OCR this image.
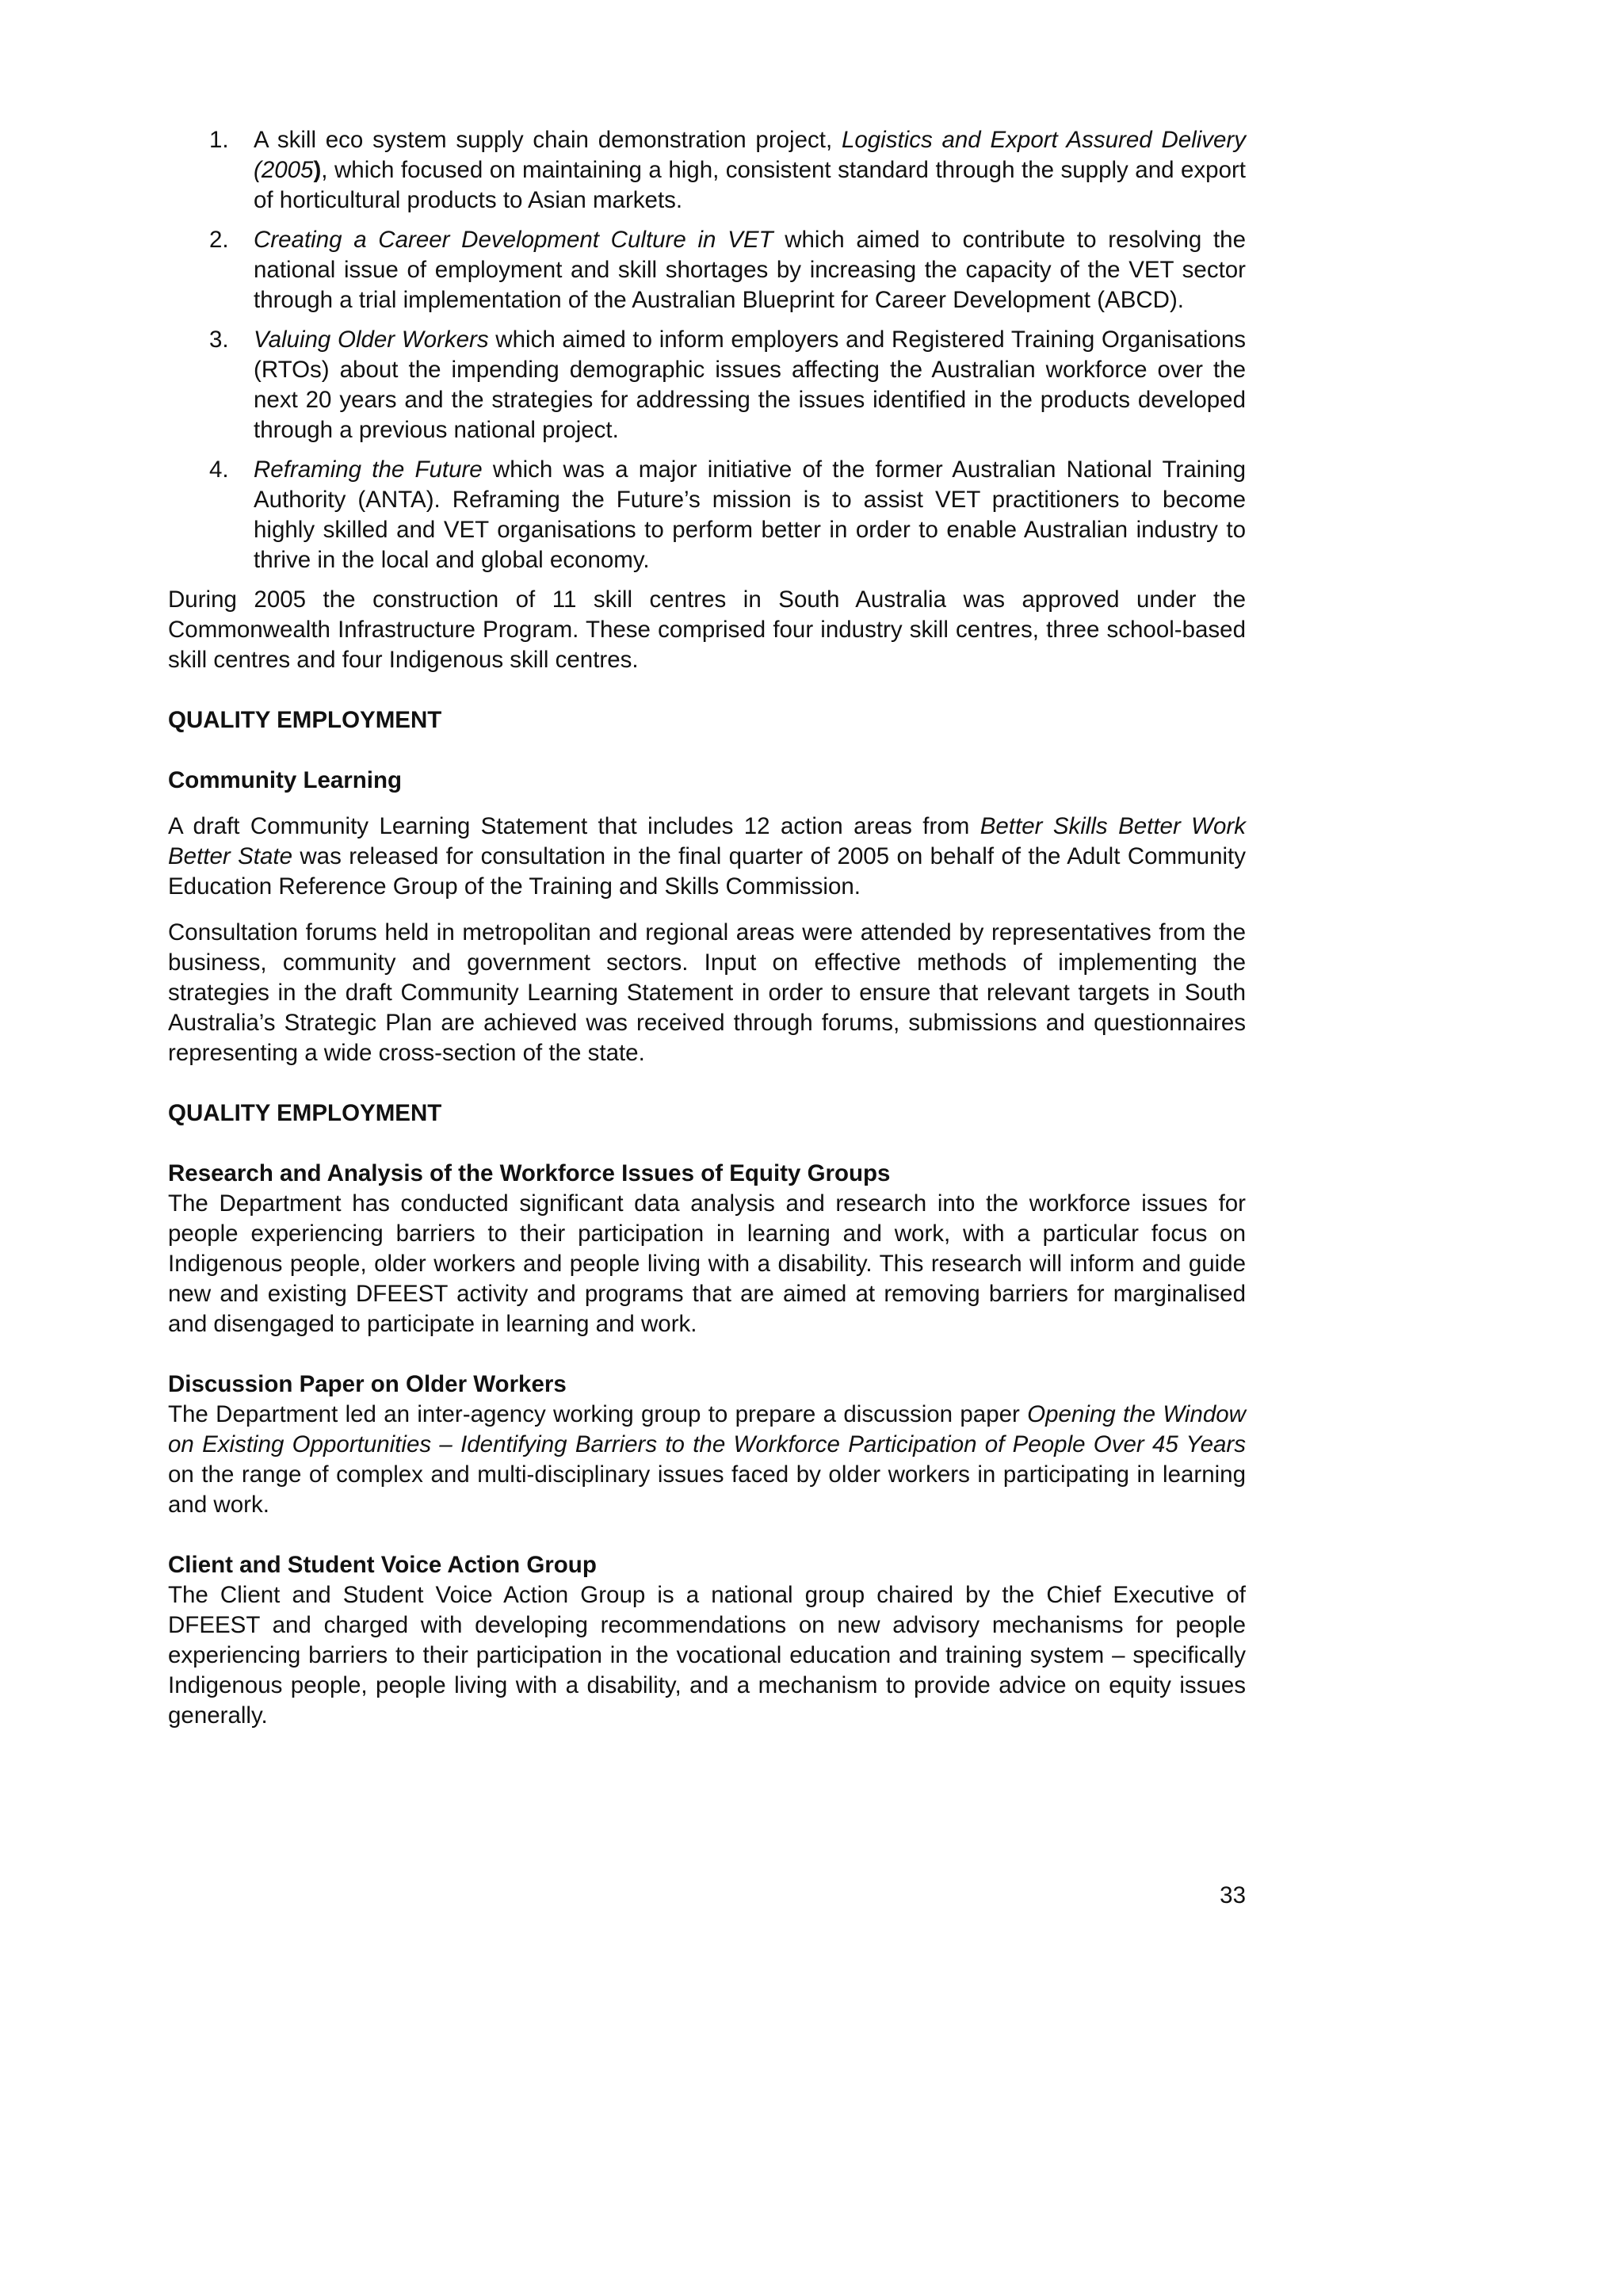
1. A skill eco system supply chain demonstration project, Logistics and Export Assured Delivery (2005), which focused on maintaining a high, consistent standard through the supply and export of horticultural products to Asian markets.
2. Creating a Career Development Culture in VET which aimed to contribute to resolving the national issue of employment and skill shortages by increasing the capacity of the VET sector through a trial implementation of the Australian Blueprint for Career Development (ABCD).
3. Valuing Older Workers which aimed to inform employers and Registered Training Organisations (RTOs) about the impending demographic issues affecting the Australian workforce over the next 20 years and the strategies for addressing the issues identified in the products developed through a previous national project.
4. Reframing the Future which was a major initiative of the former Australian National Training Authority (ANTA). Reframing the Future’s mission is to assist VET practitioners to become highly skilled and VET organisations to perform better in order to enable Australian industry to thrive in the local and global economy.

During 2005 the construction of 11 skill centres in South Australia was approved under the Commonwealth Infrastructure Program. These comprised four industry skill centres, three school-based skill centres and four Indigenous skill centres.

QUALITY EMPLOYMENT

Community Learning

A draft Community Learning Statement that includes 12 action areas from Better Skills Better Work Better State was released for consultation in the final quarter of 2005 on behalf of the Adult Community Education Reference Group of the Training and Skills Commission.

Consultation forums held in metropolitan and regional areas were attended by representatives from the business, community and government sectors. Input on effective methods of implementing the strategies in the draft Community Learning Statement in order to ensure that relevant targets in South Australia’s Strategic Plan are achieved was received through forums, submissions and questionnaires representing a wide cross-section of the state.

QUALITY EMPLOYMENT

Research and Analysis of the Workforce Issues of Equity Groups

The Department has conducted significant data analysis and research into the workforce issues for people experiencing barriers to their participation in learning and work, with a particular focus on Indigenous people, older workers and people living with a disability. This research will inform and guide new and existing DFEEST activity and programs that are aimed at removing barriers for marginalised and disengaged to participate in learning and work.

Discussion Paper on Older Workers

The Department led an inter-agency working group to prepare a discussion paper Opening the Window on Existing Opportunities – Identifying Barriers to the Workforce Participation of People Over 45 Years on the range of complex and multi-disciplinary issues faced by older workers in participating in learning and work.

Client and Student Voice Action Group

The Client and Student Voice Action Group is a national group chaired by the Chief Executive of DFEEST and charged with developing recommendations on new advisory mechanisms for people experiencing barriers to their participation in the vocational education and training system – specifically Indigenous people, people living with a disability, and a mechanism to provide advice on equity issues generally.

33
